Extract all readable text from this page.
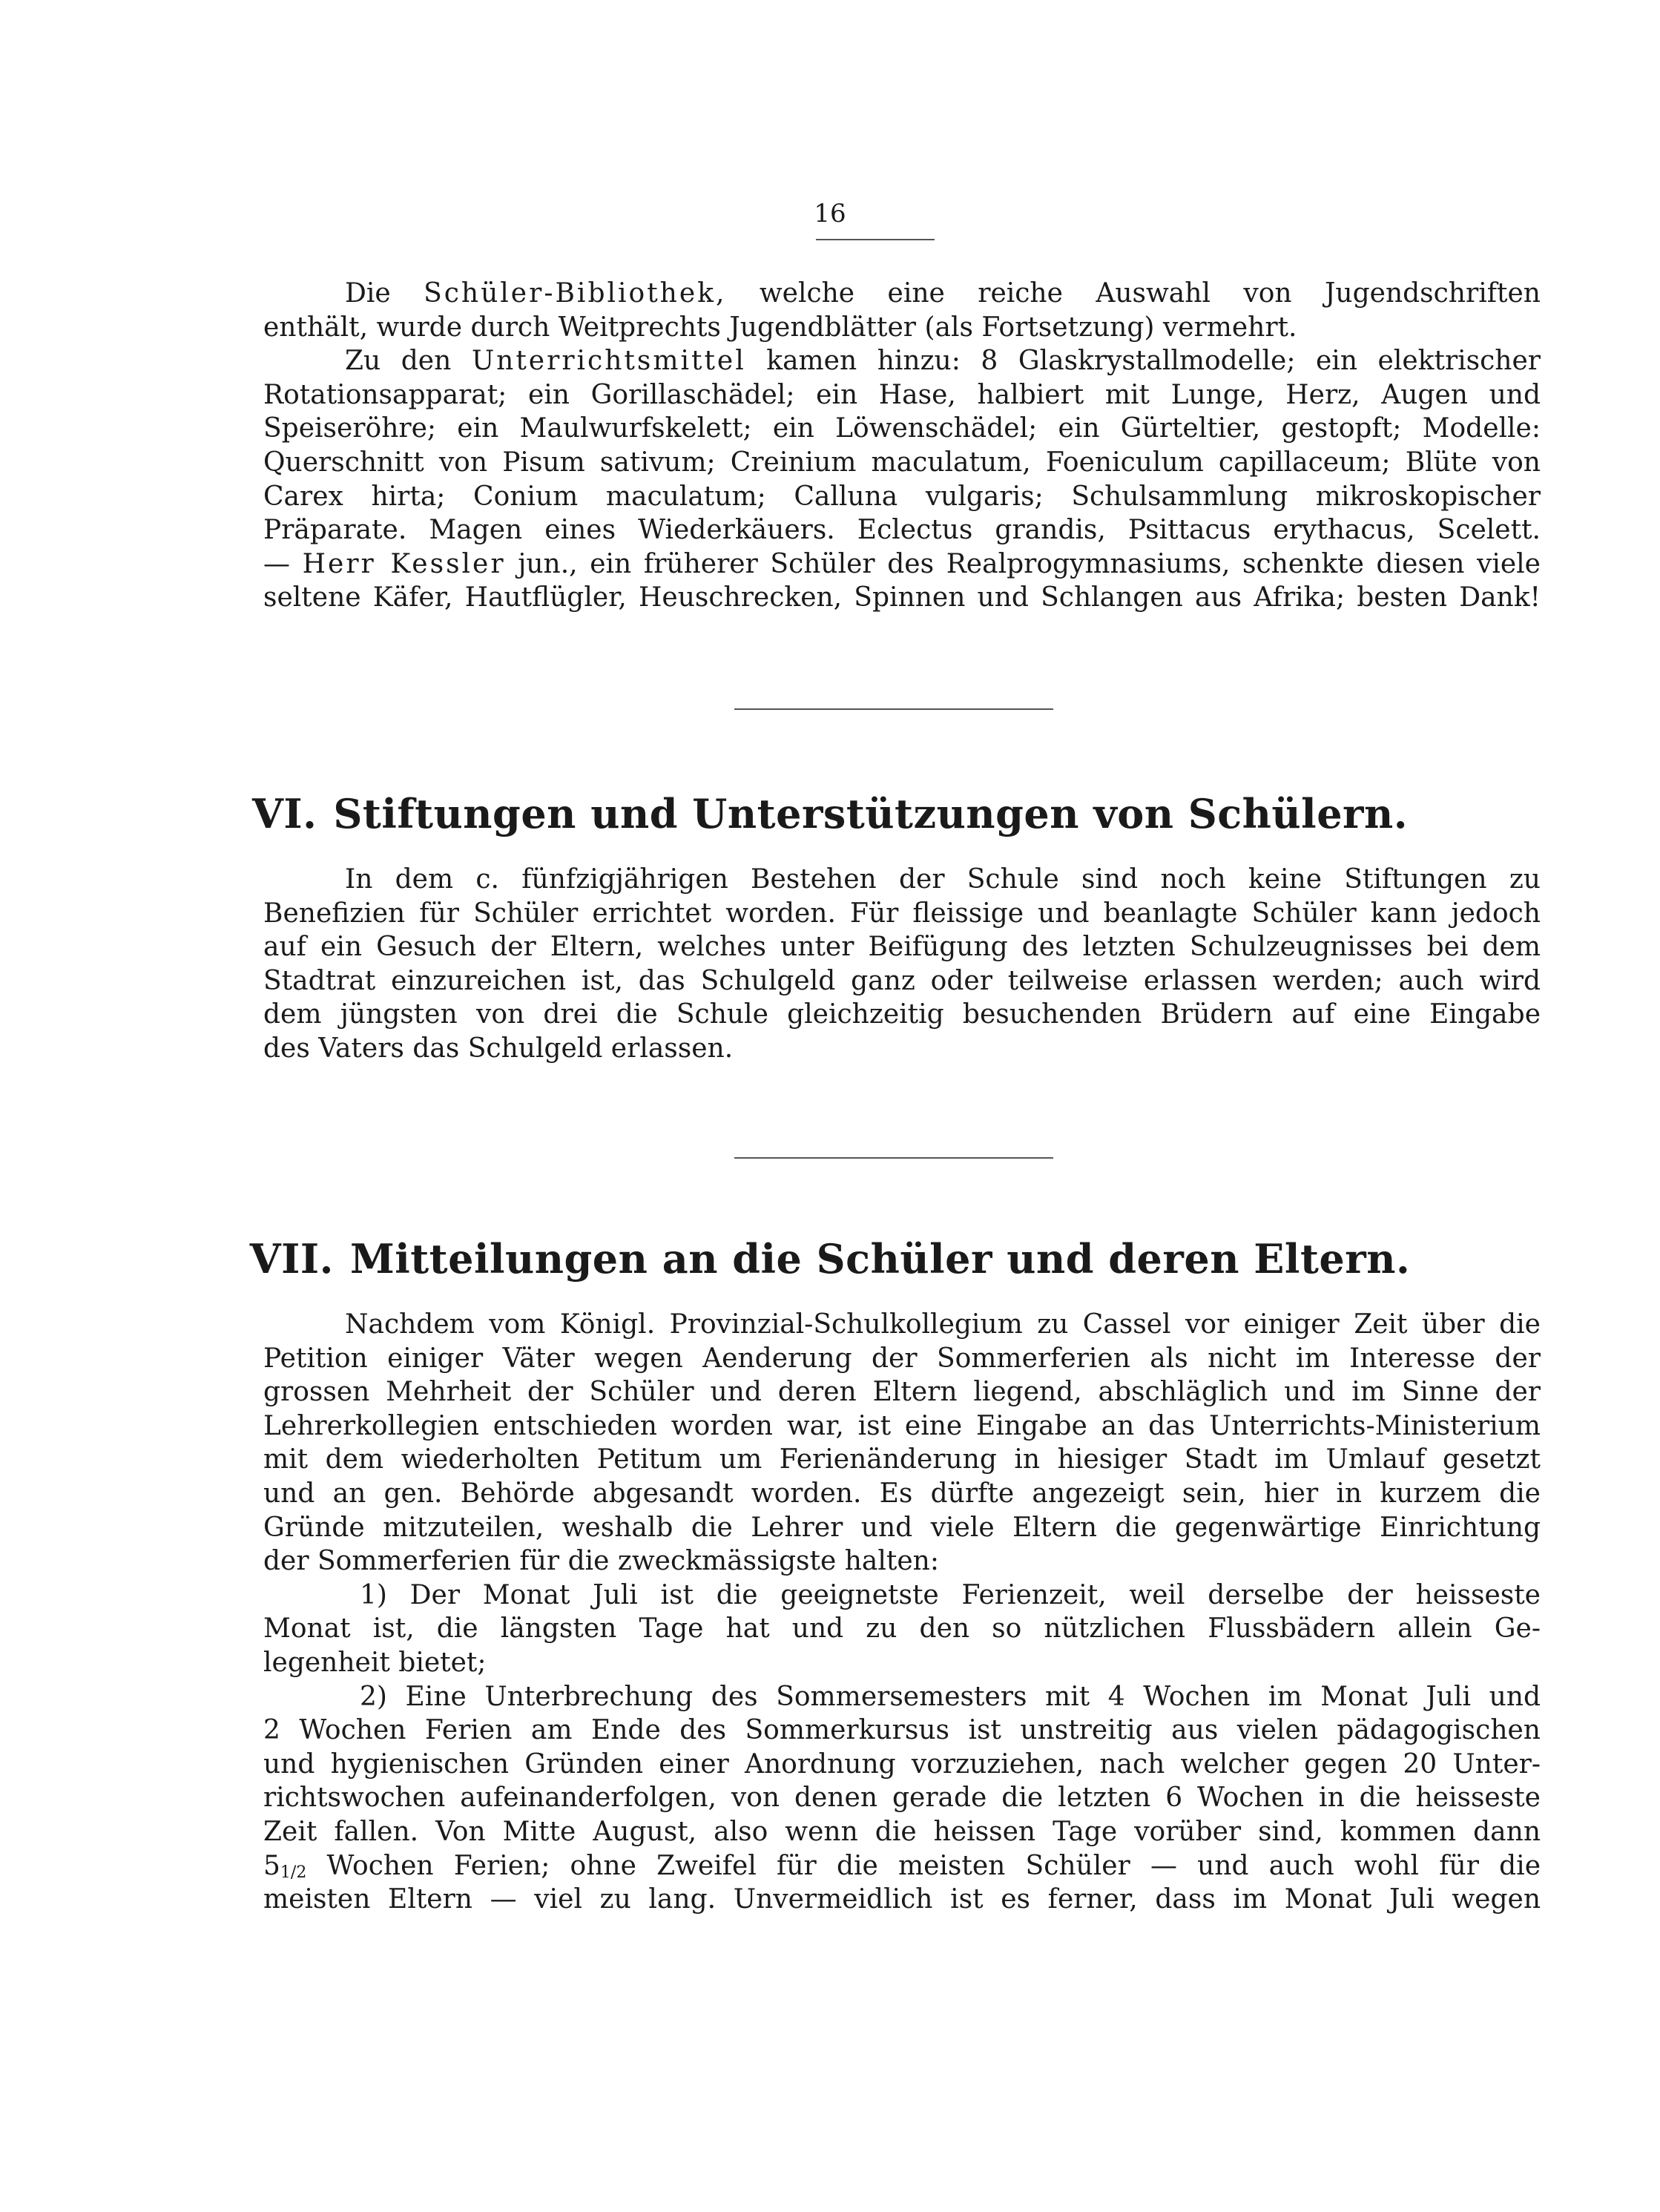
16
Die Schüler-Bibliothek, welche eine reiche Auswahl von Jugendschriften
enthält, wurde durch Weitprechts Jugendblätter (als Fortsetzung) vermehrt.
Zu den Unterrichtsmittel kamen hinzu: 8 Glaskrystallmodelle; ein elektrischer
Rotationsapparat; ein Gorillaschädel; ein Hase, halbiert mit Lunge, Herz, Augen und
Speiseröhre; ein Maulwurfskelett; ein Löwenschädel; ein Gürteltier, gestopft; Modelle:
Querschnitt von Pisum sativum; Creinium maculatum, Foeniculum capillaceum; Blüte von
Carex hirta; Conium maculatum; Calluna vulgaris; Schulsammlung mikroskopischer
Präparate. Magen eines Wiederkäuers. Eclectus grandis, Psittacus erythacus, Scelett.
— Herr Kessler jun., ein früherer Schüler des Realprogymnasiums, schenkte diesen viele
seltene Käfer, Hautflügler, Heuschrecken, Spinnen und Schlangen aus Afrika; besten Dank!
VI. Stiftungen und Unterstützungen von Schülern.
In dem c. fünfzigjährigen Bestehen der Schule sind noch keine Stiftungen zu
Benefizien für Schüler errichtet worden. Für fleissige und beanlagte Schüler kann jedoch
auf ein Gesuch der Eltern, welches unter Beifügung des letzten Schulzeugnisses bei dem
Stadtrat einzureichen ist, das Schulgeld ganz oder teilweise erlassen werden; auch wird
dem jüngsten von drei die Schule gleichzeitig besuchenden Brüdern auf eine Eingabe
des Vaters das Schulgeld erlassen.
VII. Mitteilungen an die Schüler und deren Eltern.
Nachdem vom Königl. Provinzial-Schulkollegium zu Cassel vor einiger Zeit über die
Petition einiger Väter wegen Aenderung der Sommerferien als nicht im Interesse der
grossen Mehrheit der Schüler und deren Eltern liegend, abschläglich und im Sinne der
Lehrerkollegien entschieden worden war, ist eine Eingabe an das Unterrichts-Ministerium
mit dem wiederholten Petitum um Ferienänderung in hiesiger Stadt im Umlauf gesetzt
und an gen. Behörde abgesandt worden. Es dürfte angezeigt sein, hier in kurzem die
Gründe mitzuteilen, weshalb die Lehrer und viele Eltern die gegenwärtige Einrichtung
der Sommerferien für die zweckmässigste halten:
1) Der Monat Juli ist die geeignetste Ferienzeit, weil derselbe der heisseste
Monat ist, die längsten Tage hat und zu den so nützlichen Flussbädern allein Ge-
legenheit bietet;
2) Eine Unterbrechung des Sommersemesters mit 4 Wochen im Monat Juli und
2 Wochen Ferien am Ende des Sommerkursus ist unstreitig aus vielen pädagogischen
und hygienischen Gründen einer Anordnung vorzuziehen, nach welcher gegen 20 Unter-
richtswochen aufeinanderfolgen, von denen gerade die letzten 6 Wochen in die heisseste
Zeit fallen. Von Mitte August, also wenn die heissen Tage vorüber sind, kommen dann
51/2 Wochen Ferien; ohne Zweifel für die meisten Schüler — und auch wohl für die
meisten Eltern — viel zu lang. Unvermeidlich ist es ferner, dass im Monat Juli wegen
